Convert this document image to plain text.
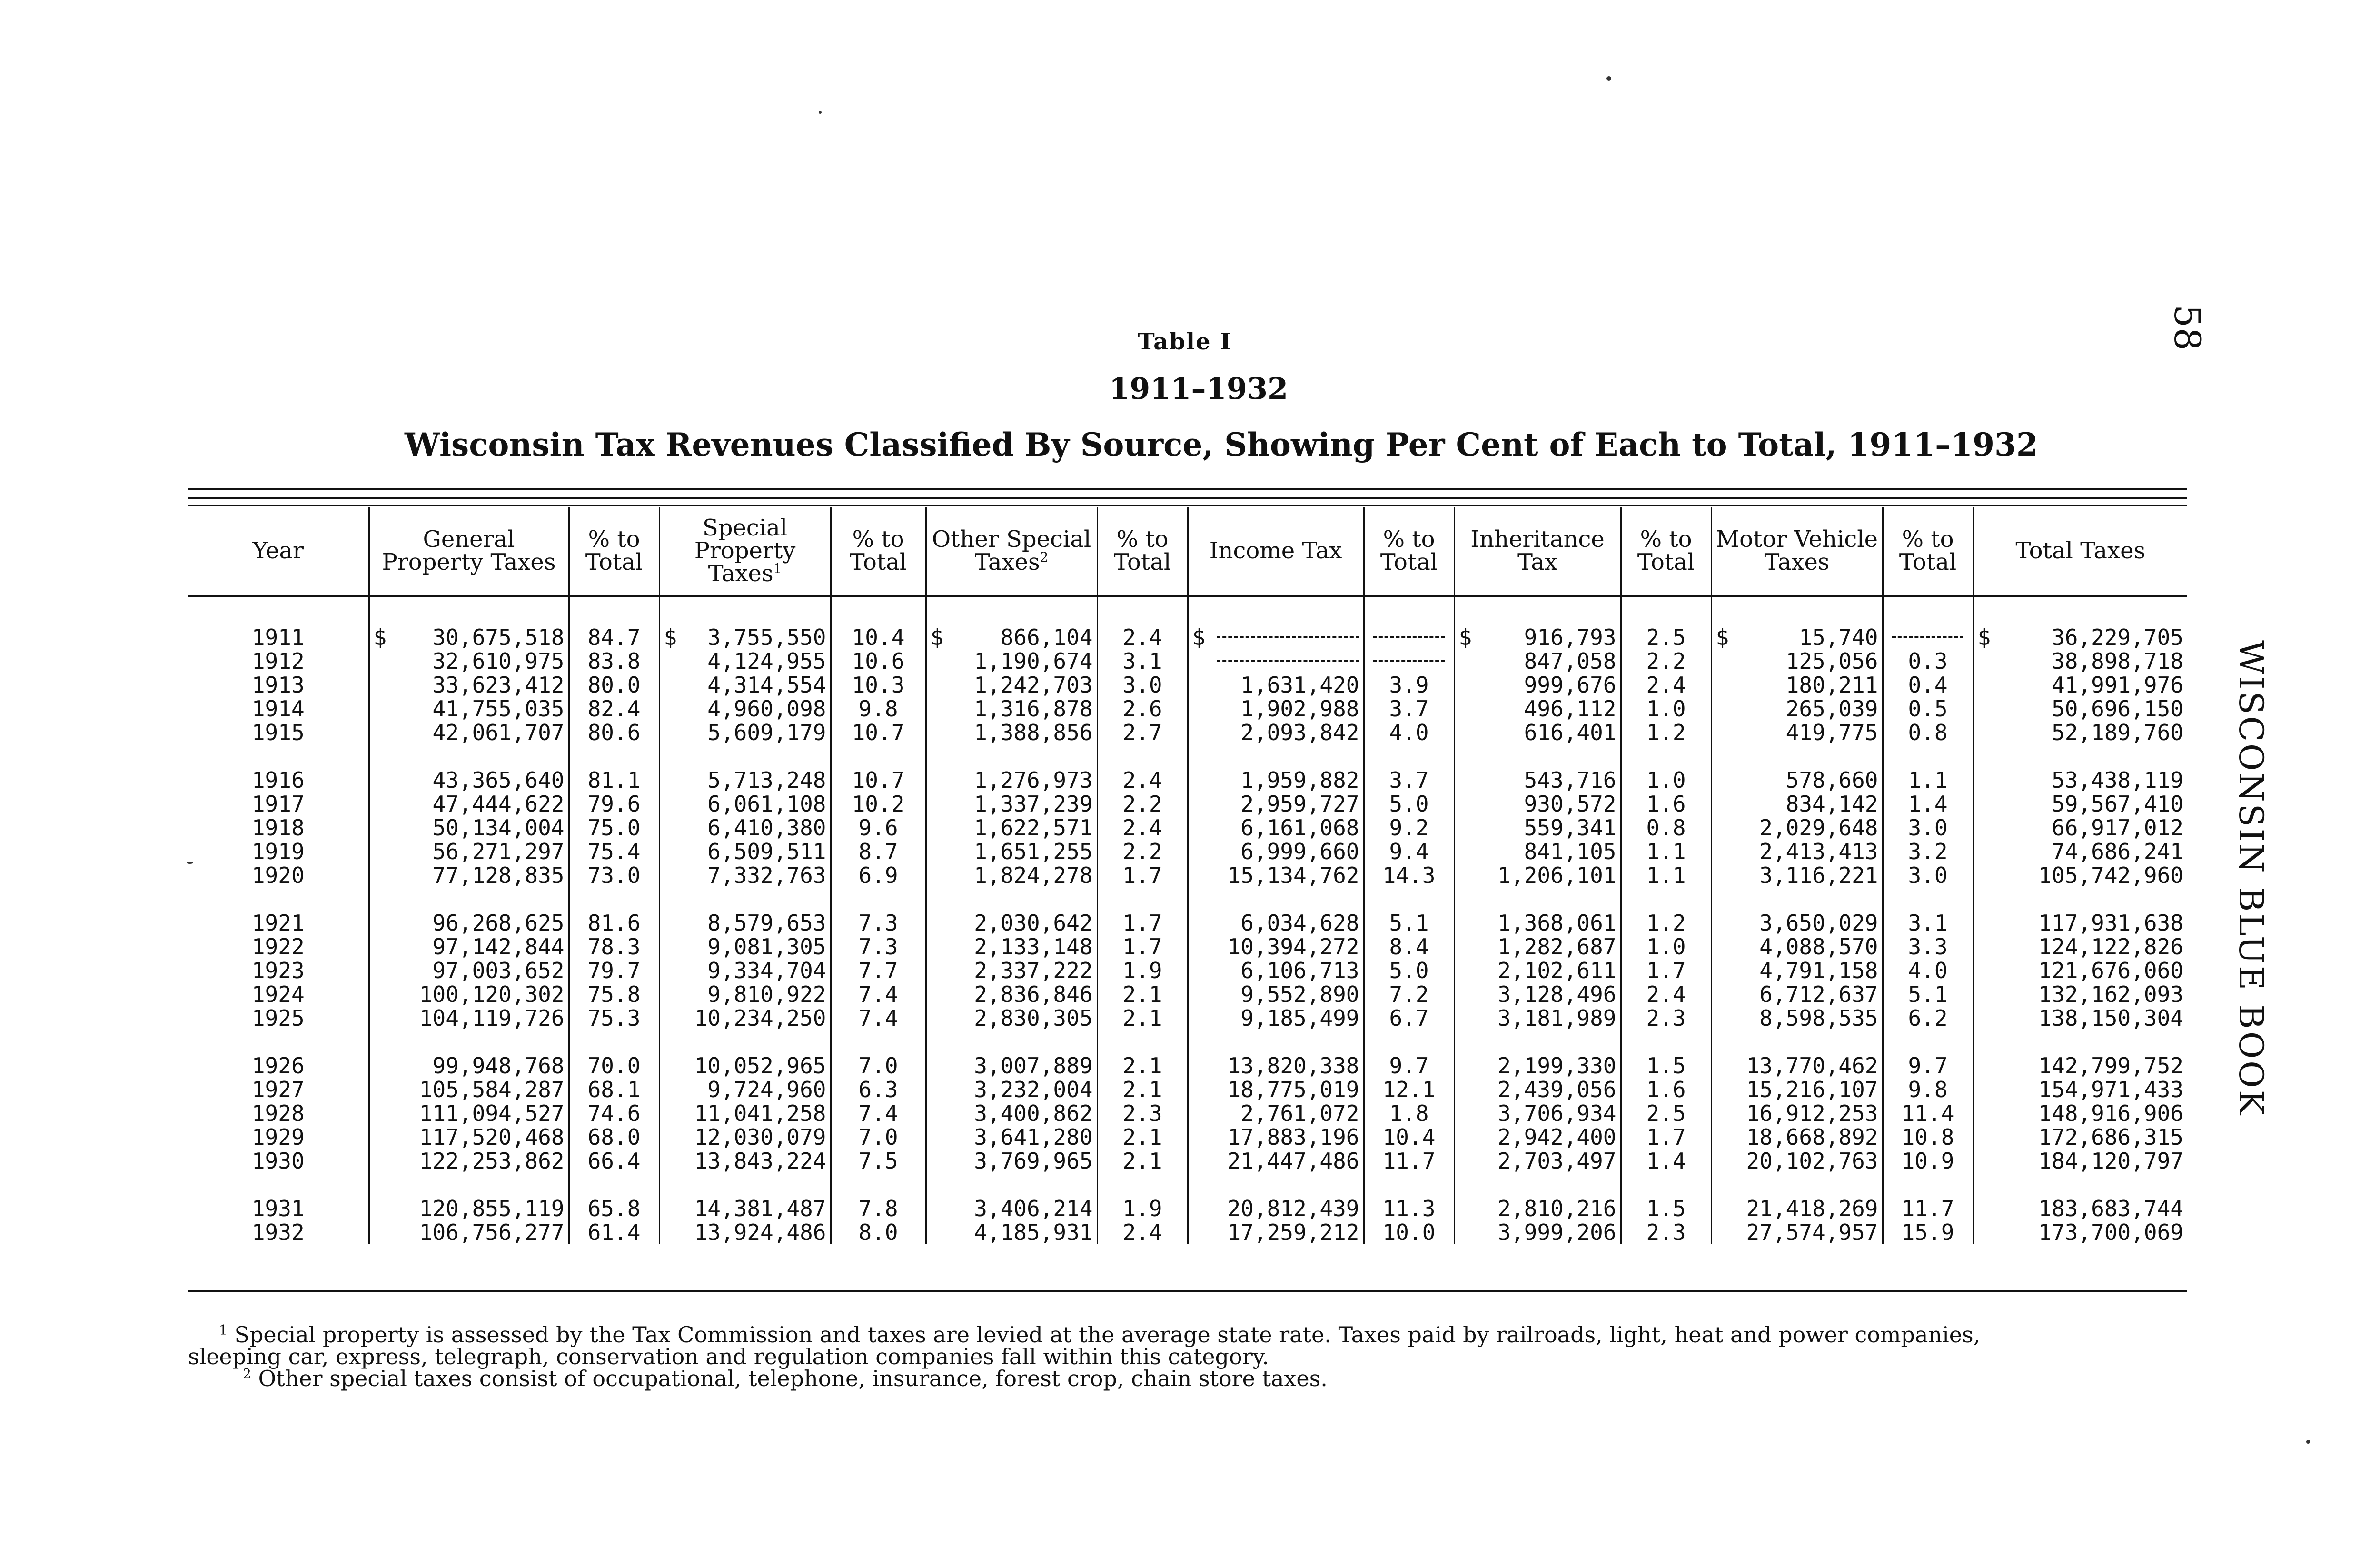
Table I
1911–1932
Wisconsin Tax Revenues Classified By Source, Showing Per Cent of Each to Total, 1911–1932
58
WISCONSIN BLUE BOOK
Year	General Property Taxes	% to Total	Special Property Taxes$^1$	% to Total	Other Special Taxes$^2$	% to Total	Income Tax	% to Total	Inheritance Tax	% to Total	Motor Vehicle Taxes	% to Total	Total Taxes
1911	$ 30,675,518	84.7	$ 3,755,550	10.4	$ 866,104	2.4	$		$ 916,793	2.5	$ 15,740		$ 36,229,705
1912	32,610,975	83.8	4,124,955	10.6	1,190,674	3.1			847,058	2.2	125,056	0.3	38,898,718
1913	33,623,412	80.0	4,314,554	10.3	1,242,703	3.0	1,631,420	3.9	999,676	2.4	180,211	0.4	41,991,976
1914	41,755,035	82.4	4,960,098	9.8	1,316,878	2.6	1,902,988	3.7	496,112	1.0	265,039	0.5	50,696,150
1915	42,061,707	80.6	5,609,179	10.7	1,388,856	2.7	2,093,842	4.0	616,401	1.2	419,775	0.8	52,189,760

1916	43,365,640	81.1	5,713,248	10.7	1,276,973	2.4	1,959,882	3.7	543,716	1.0	578,660	1.1	53,438,119
1917	47,444,622	79.6	6,061,108	10.2	1,337,239	2.2	2,959,727	5.0	930,572	1.6	834,142	1.4	59,567,410
1918	50,134,004	75.0	6,410,380	9.6	1,622,571	2.4	6,161,068	9.2	559,341	0.8	2,029,648	3.0	66,917,012
1919	56,271,297	75.4	6,509,511	8.7	1,651,255	2.2	6,999,660	9.4	841,105	1.1	2,413,413	3.2	74,686,241
1920	77,128,835	73.0	7,332,763	6.9	1,824,278	1.7	15,134,762	14.3	1,206,101	1.1	3,116,221	3.0	105,742,960

1921	96,268,625	81.6	8,579,653	7.3	2,030,642	1.7	6,034,628	5.1	1,368,061	1.2	3,650,029	3.1	117,931,638
1922	97,142,844	78.3	9,081,305	7.3	2,133,148	1.7	10,394,272	8.4	1,282,687	1.0	4,088,570	3.3	124,122,826
1923	97,003,652	79.7	9,334,704	7.7	2,337,222	1.9	6,106,713	5.0	2,102,611	1.7	4,791,158	4.0	121,676,060
1924	100,120,302	75.8	9,810,922	7.4	2,836,846	2.1	9,552,890	7.2	3,128,496	2.4	6,712,637	5.1	132,162,093
1925	104,119,726	75.3	10,234,250	7.4	2,830,305	2.1	9,185,499	6.7	3,181,989	2.3	8,598,535	6.2	138,150,304

1926	99,948,768	70.0	10,052,965	7.0	3,007,889	2.1	13,820,338	9.7	2,199,330	1.5	13,770,462	9.7	142,799,752
1927	105,584,287	68.1	9,724,960	6.3	3,232,004	2.1	18,775,019	12.1	2,439,056	1.6	15,216,107	9.8	154,971,433
1928	111,094,527	74.6	11,041,258	7.4	3,400,862	2.3	2,761,072	1.8	3,706,934	2.5	16,912,253	11.4	148,916,906
1929	117,520,468	68.0	12,030,079	7.0	3,641,280	2.1	17,883,196	10.4	2,942,400	1.7	18,668,892	10.8	172,686,315
1930	122,253,862	66.4	13,843,224	7.5	3,769,965	2.1	21,447,486	11.7	2,703,497	1.4	20,102,763	10.9	184,120,797

1931	120,855,119	65.8	14,381,487	7.8	3,406,214	1.9	20,812,439	11.3	2,810,216	1.5	21,418,269	11.7	183,683,744
1932	106,756,277	61.4	13,924,486	8.0	4,185,931	2.4	17,259,212	10.0	3,999,206	2.3	27,574,957	15.9	173,700,069
$^1$ Special property is assessed by the Tax Commission and taxes are levied at the average state rate. Taxes paid by railroads, light, heat and power companies,
sleeping car, express, telegraph, conservation and regulation companies fall within this category.
$^2$ Other special taxes consist of occupational, telephone, insurance, forest crop, chain store taxes.
